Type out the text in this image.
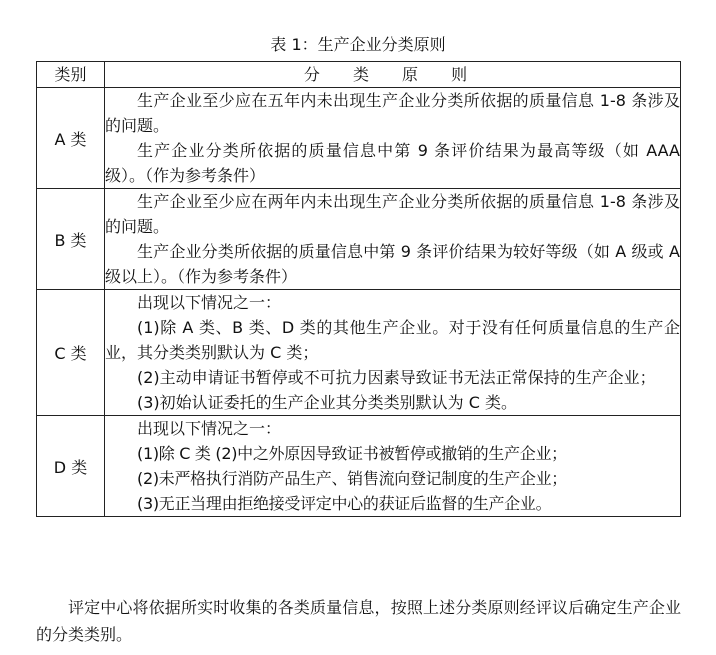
表 1：生产企业分类原则
类别	分 类 原 则
A 类	生产企业至少应在五年内未出现生产企业分类所依据的质量信息 1-8 条涉及的问题。

生产企业分类所依据的质量信息中第 9 条评价结果为最高等级（如 AAA 级）。（作为参考条件）

B 类	生产企业至少应在两年内未出现生产企业分类所依据的质量信息 1-8 条涉及的问题。

生产企业分类所依据的质量信息中第 9 条评价结果为较好等级（如 A 级或 A 级以上）。（作为参考条件）

C 类	出现以下情况之一：

(1)除 A 类、B 类、D 类的其他生产企业。对于没有任何质量信息的生产企业，其分类类别默认为 C 类；

(2)主动申请证书暂停或不可抗力因素导致证书无法正常保持的生产企业；

(3)初始认证委托的生产企业其分类类别默认为 C 类。

D 类	出现以下情况之一：

(1)除 C 类 (2)中之外原因导致证书被暂停或撤销的生产企业；

(2)未严格执行消防产品生产、销售流向登记制度的生产企业；

(3)无正当理由拒绝接受评定中心的获证后监督的生产企业。

评定中心将依据所实时收集的各类质量信息，按照上述分类原则经评议后确定生产企业的分类类别。
